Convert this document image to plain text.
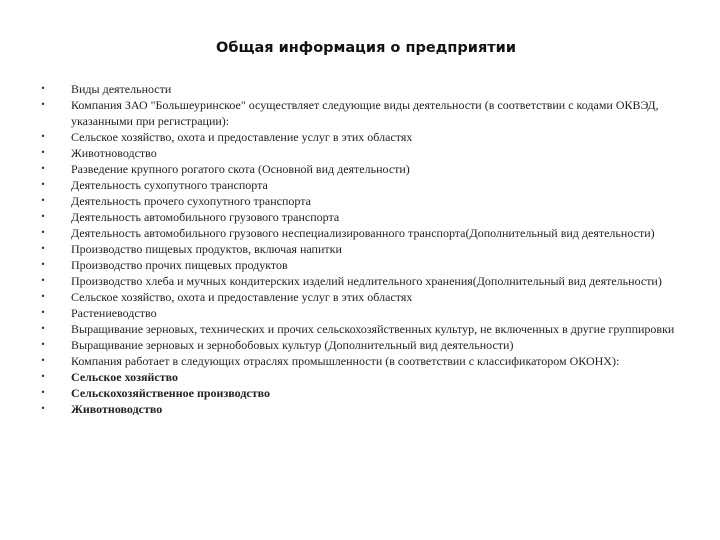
Общая информация о предприятии
• Виды деятельности
• Компания ЗАО "Большеуринское" осуществляет следующие виды деятельности (в соответствии с кодами ОКВЭД, указанными при регистрации):
• Сельское хозяйство, охота и предоставление услуг в этих областях
• Животноводство
• Разведение крупного рогатого скота (Основной вид деятельности)
• Деятельность сухопутного транспорта
• Деятельность прочего сухопутного транспорта
• Деятельность автомобильного грузового транспорта
• Деятельность автомобильного грузового неспециализированного транспорта(Дополнительный вид деятельности)
• Производство пищевых продуктов, включая напитки
• Производство прочих пищевых продуктов
• Производство хлеба и мучных кондитерских изделий недлительного хранения(Дополнительный вид деятельности)
• Сельское хозяйство, охота и предоставление услуг в этих областях
• Растениеводство
• Выращивание зерновых, технических и прочих сельскохозяйственных культур, не включенных в другие группировки
• Выращивание зерновых и зернобобовых культур (Дополнительный вид деятельности)
• Компания работает в следующих отраслях промышленности (в соответствии с классификатором ОКОНХ):
• Сельское хозяйство
• Сельскохозяйственное производство
• Животноводство
